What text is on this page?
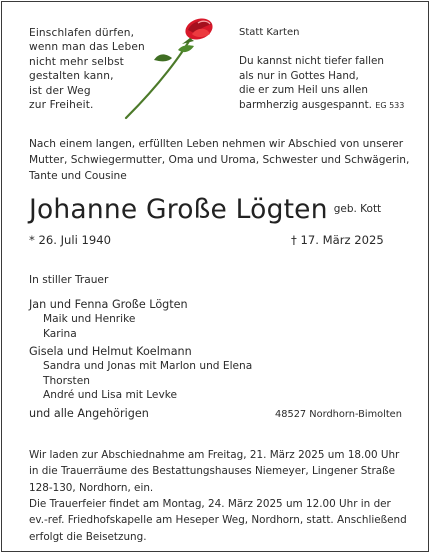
Einschlafen dürfen,
wenn man das Leben
nicht mehr selbst
gestalten kann,
ist der Weg
zur Freiheit.
Statt Karten
Du kannst nicht tiefer fallen
als nur in Gottes Hand,
die er zum Heil uns allen
barmherzig ausgespannt. EG 533
Nach einem langen, erfüllten Leben nehmen wir Abschied von unserer
Mutter, Schwiegermutter, Oma und Uroma, Schwester und Schwägerin,
Tante und Cousine
Johanne Große Lögten $^{geb. Kott}$
* 26. Juli 1940	† 17. März 2025
In stiller Trauer
Jan und Fenna Große Lögten
Maik und Henrike
Karina
Gisela und Helmut Koelmann
Sandra und Jonas mit Marlon und Elena
Thorsten
André und Lisa mit Levke
und alle Angehörigen	48527 Nordhorn-Bimolten
Wir laden zur Abschiednahme am Freitag, 21. März 2025 um 18.00 Uhr
in die Trauerräume des Bestattungshauses Niemeyer, Lingener Straße
128-130, Nordhorn, ein.
Die Trauerfeier findet am Montag, 24. März 2025 um 12.00 Uhr in der
ev.-ref. Friedhofskapelle am Heseper Weg, Nordhorn, statt. Anschließend
erfolgt die Beisetzung.
